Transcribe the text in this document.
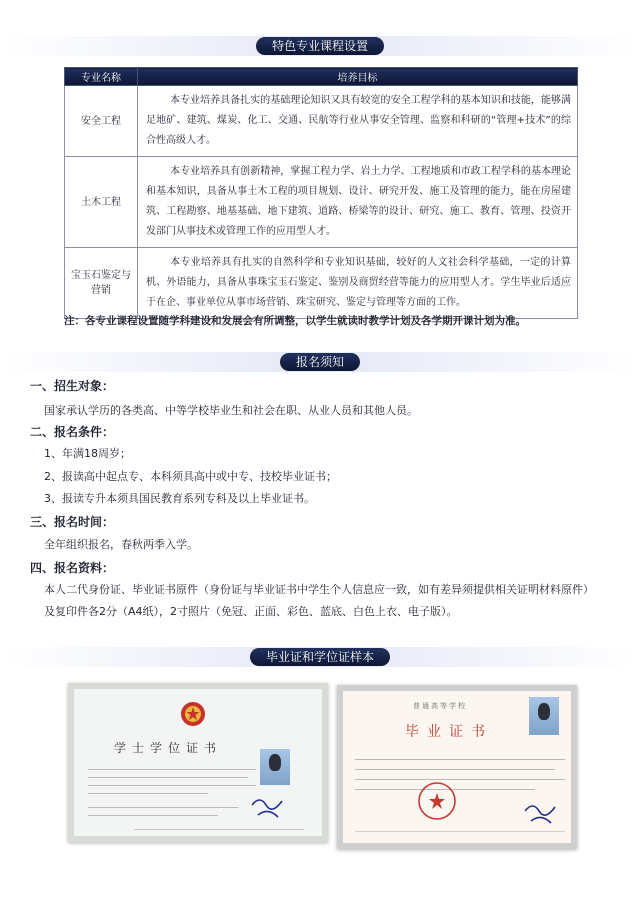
特色专业课程设置
专业名称	培养目标
安全工程	本专业培养具备扎实的基础理论知识又具有较宽的安全工程学科的基本知识和技能，能够满足地矿、建筑、煤炭、化工、交通、民航等行业从事安全管理、监察和科研的“管理+技术”的综合性高级人才。
土木工程	本专业培养具有创新精神，掌握工程力学、岩土力学、工程地质和市政工程学科的基本理论和基本知识，具备从事土木工程的项目规划、设计、研究开发、施工及管理的能力，能在房屋建筑、工程勘察、地基基础、地下建筑、道路、桥梁等的设计、研究、施工、教育、管理、投资开发部门从事技术或管理工作的应用型人才。
宝玉石鉴定与营销	本专业培养具有扎实的自然科学和专业知识基础，较好的人文社会科学基础，一定的计算机、外语能力，具备从事珠宝玉石鉴定、鉴别及商贸经营等能力的应用型人才。学生毕业后适应于在企、事业单位从事市场营销、珠宝研究、鉴定与管理等方面的工作。
注：各专业课程设置随学科建设和发展会有所调整，以学生就读时教学计划及各学期开课计划为准。
报名须知
一、招生对象：
国家承认学历的各类高、中等学校毕业生和社会在职、从业人员和其他人员。
二、报名条件：
1、年满18周岁；
2、报读高中起点专、本科须具高中或中专、技校毕业证书；
3、报读专升本须具国民教育系列专科及以上毕业证书。
三、报名时间：
全年组织报名，春秋两季入学。
四、报名资料：
本人二代身份证、毕业证书原件（身份证与毕业证书中学生个人信息应一致，如有差异须提供相关证明材料原件）及复印件各2分（A4纸），2寸照片（免冠、正面、彩色、蓝底、白色上衣、电子版）。
毕业证和学位证样本
学士学位证书
普通高等学校
毕业证书
